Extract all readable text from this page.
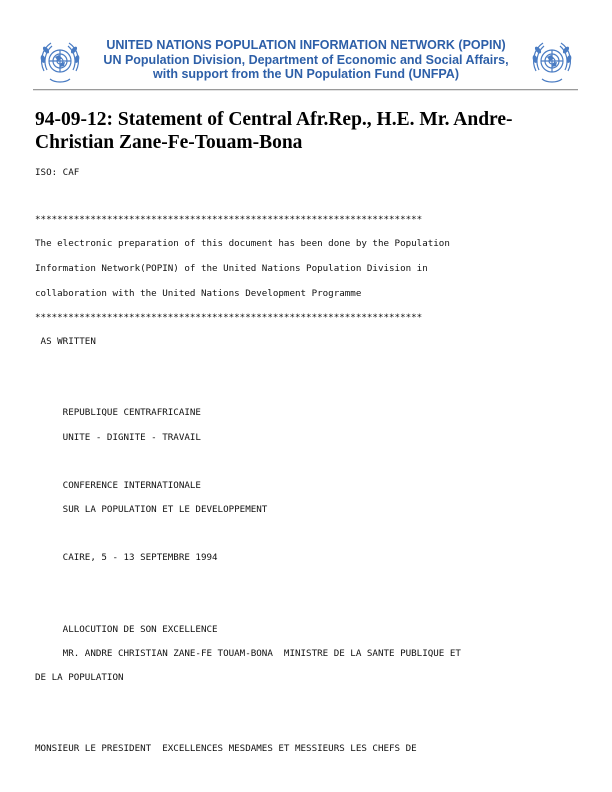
UNITED NATIONS POPULATION INFORMATION NETWORK (POPIN)
UN Population Division, Department of Economic and Social Affairs,
with support from the UN Population Fund (UNFPA)
94-09-12: Statement of Central Afr.Rep., H.E. Mr. Andre-Christian Zane-Fe-Touam-Bona
ISO: CAF
**********************************************************************
The electronic preparation of this document has been done by the Population
Information Network(POPIN) of the United Nations Population Division in
collaboration with the United Nations Development Programme
**********************************************************************
AS WRITTEN
REPUBLIQUE CENTRAFRICAINE
UNITE - DIGNITE - TRAVAIL
CONFERENCE INTERNATIONALE
SUR LA POPULATION ET LE DEVELOPPEMENT
CAIRE, 5 - 13 SEPTEMBRE 1994
ALLOCUTION DE SON EXCELLENCE
MR. ANDRE CHRISTIAN ZANE-FE TOUAM-BONA  MINISTRE DE LA SANTE PUBLIQUE ET
DE LA POPULATION
MONSIEUR LE PRESIDENT  EXCELLENCES MESDAMES ET MESSIEURS LES CHEFS DE
